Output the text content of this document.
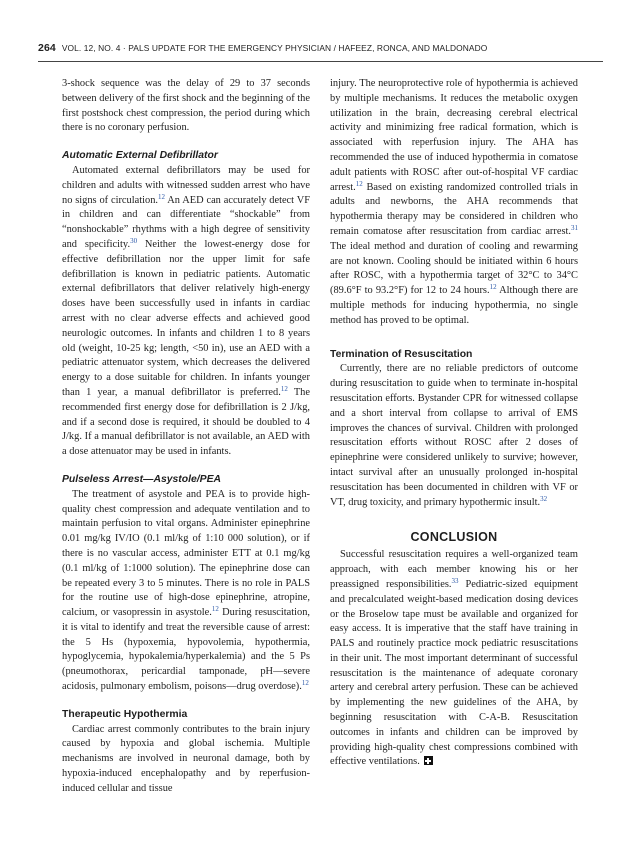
264 VOL. 12, NO. 4 · PALS UPDATE FOR THE EMERGENCY PHYSICIAN / HAFEEZ, RONCA, AND MALDONADO

3-shock sequence was the delay of 29 to 37 seconds between delivery of the first shock and the beginning of the first postshock chest compression, the period during which there is no coronary perfusion.

Automatic External Defibrillator

Automated external defibrillators may be used for children and adults with witnessed sudden arrest who have no signs of circulation.$^{12}$ An AED can accurately detect VF in children and can differentiate “shockable” from “nonshockable” rhythms with a high degree of sensitivity and specificity.$^{30}$ Neither the lowest-energy dose for effective defibrillation nor the upper limit for safe defibrillation is known in pediatric patients. Automatic external defibrillators that deliver relatively high-energy doses have been successfully used in infants in cardiac arrest with no clear adverse effects and achieved good neurologic outcomes. In infants and children 1 to 8 years old (weight, 10-25 kg; length, <50 in), use an AED with a pediatric attenuator system, which decreases the delivered energy to a dose suitable for children. In infants younger than 1 year, a manual defibrillator is preferred.$^{12}$ The recommended first energy dose for defibrillation is 2 J/kg, and if a second dose is required, it should be doubled to 4 J/kg. If a manual defibrillator is not available, an AED with a dose attenuator may be used in infants.

Pulseless Arrest—Asystole/PEA

The treatment of asystole and PEA is to provide high-quality chest compression and adequate ventilation and to maintain perfusion to vital organs. Administer epinephrine 0.01 mg/kg IV/IO (0.1 ml/kg of 1:10 000 solution), or if there is no vascular access, administer ETT at 0.1 mg/kg (0.1 ml/kg of 1:1000 solution). The epinephrine dose can be repeated every 3 to 5 minutes. There is no role in PALS for the routine use of high-dose epinephrine, atropine, calcium, or vasopressin in asystole.$^{12}$ During resuscitation, it is vital to identify and treat the reversible cause of arrest: the 5 Hs (hypoxemia, hypovolemia, hypothermia, hypoglycemia, hypokalemia/hyperkalemia) and the 5 Ps (pneumothorax, pericardial tamponade, pH—severe acidosis, pulmonary embolism, poisons—drug overdose).$^{12}$

Therapeutic Hypothermia

Cardiac arrest commonly contributes to the brain injury caused by hypoxia and global ischemia. Multiple mechanisms are involved in neuronal damage, both by hypoxia-induced encephalopathy and by reperfusion-induced cellular and tissue

injury. The neuroprotective role of hypothermia is achieved by multiple mechanisms. It reduces the metabolic oxygen utilization in the brain, decreasing cerebral electrical activity and minimizing free radical formation, which is associated with reperfusion injury. The AHA has recommended the use of induced hypothermia in comatose adult patients with ROSC after out-of-hospital VF cardiac arrest.$^{12}$ Based on existing randomized controlled trials in adults and newborns, the AHA recommends that hypothermia therapy may be considered in children who remain comatose after resuscitation from cardiac arrest.$^{31}$ The ideal method and duration of cooling and rewarming are not known. Cooling should be initiated within 6 hours after ROSC, with a hypothermia target of 32°C to 34°C (89.6°F to 93.2°F) for 12 to 24 hours.$^{12}$ Although there are multiple methods for inducing hypothermia, no single method has proved to be optimal.

Termination of Resuscitation

Currently, there are no reliable predictors of outcome during resuscitation to guide when to terminate in-hospital resuscitation efforts. Bystander CPR for witnessed collapse and a short interval from collapse to arrival of EMS improves the chances of survival. Children with prolonged resuscitation efforts without ROSC after 2 doses of epinephrine were considered unlikely to survive; however, intact survival after an unusually prolonged in-hospital resuscitation has been documented in children with VF or VT, drug toxicity, and primary hypothermic insult.$^{32}$

CONCLUSION

Successful resuscitation requires a well-organized team approach, with each member knowing his or her preassigned responsibilities.$^{33}$ Pediatric-sized equipment and precalculated weight-based medication dosing devices or the Broselow tape must be available and organized for easy access. It is imperative that the staff have training in PALS and routinely practice mock pediatric resuscitations in their unit. The most important determinant of successful resuscitation is the maintenance of adequate coronary artery and cerebral artery perfusion. These can be achieved by implementing the new guidelines of the AHA, by beginning resuscitation with C-A-B. Resuscitation outcomes in infants and children can be improved by providing high-quality chest compressions combined with effective ventilations.
